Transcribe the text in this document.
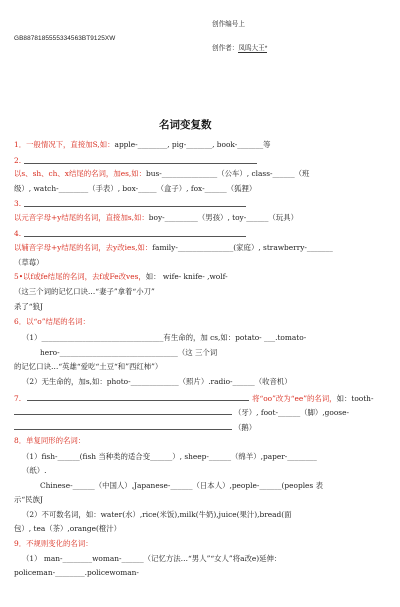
创作编号上
GB8878185555334563BT9125XW
创作者：凤呜大王*
名词变复数
1．一般情况下，直接加S,如：apple-________, pig-_______, book-_______等
2.
以s、sh、ch、x结尾的名词，加es,如：bus-_______________（公车）, class-______（班
级）, watch-________（手表）, box-_____（盒子）, fox-______（狐狸）
3.
以元音字母+y结尾的名词，直接加s,如：boy-_________（男孩）, toy-______（玩具）
4.
以辅音字母+y结尾的名词，去y改ies,如：family-_______________(家庭）, strawberry-_______
（草莓）
5•以f或fe结尾的名词，去f或Fe改ves，如： wife- knife- ,wolf-
（这三个词的记忆口诀…“妻子”拿着“小刀”
杀了“狼J
6．以“o”结尾的名词：
（1）_________________________________有生命的，加 cs,如：potato- ___.tomato-
hero-________________________________（这 三个词
的记忆口诀…“英雄“爱吃“土豆“和”西红柿”）
（2）无生命的，加s,如：photo-_____________（照片）.radio-______（收音机）
7.	将“oo”改为“ee”的名词，如：tooth-
（牙）, foot-______（脚）,goose-
（鹅）
8．单复同形的名词：
（1）fish-______(fish 当种类的适合变______）, sheep-______（绵羊）,paper-________
（纸）.
Chinese-______（中国人）,Japanese-______（日本人）,people-______(peoples 表
示“民族J
（2）不可数名词，如：water(水）,rice(米饭),milk(牛奶),juice(果汁),bread(面
包）, tea（茶）,orange(橙汁）
9．不规则变化的名词：
（1） man-________woman-______（记忆方法…“男人”“女人”将a改e)延伸：
policeman-________.policewoman-
